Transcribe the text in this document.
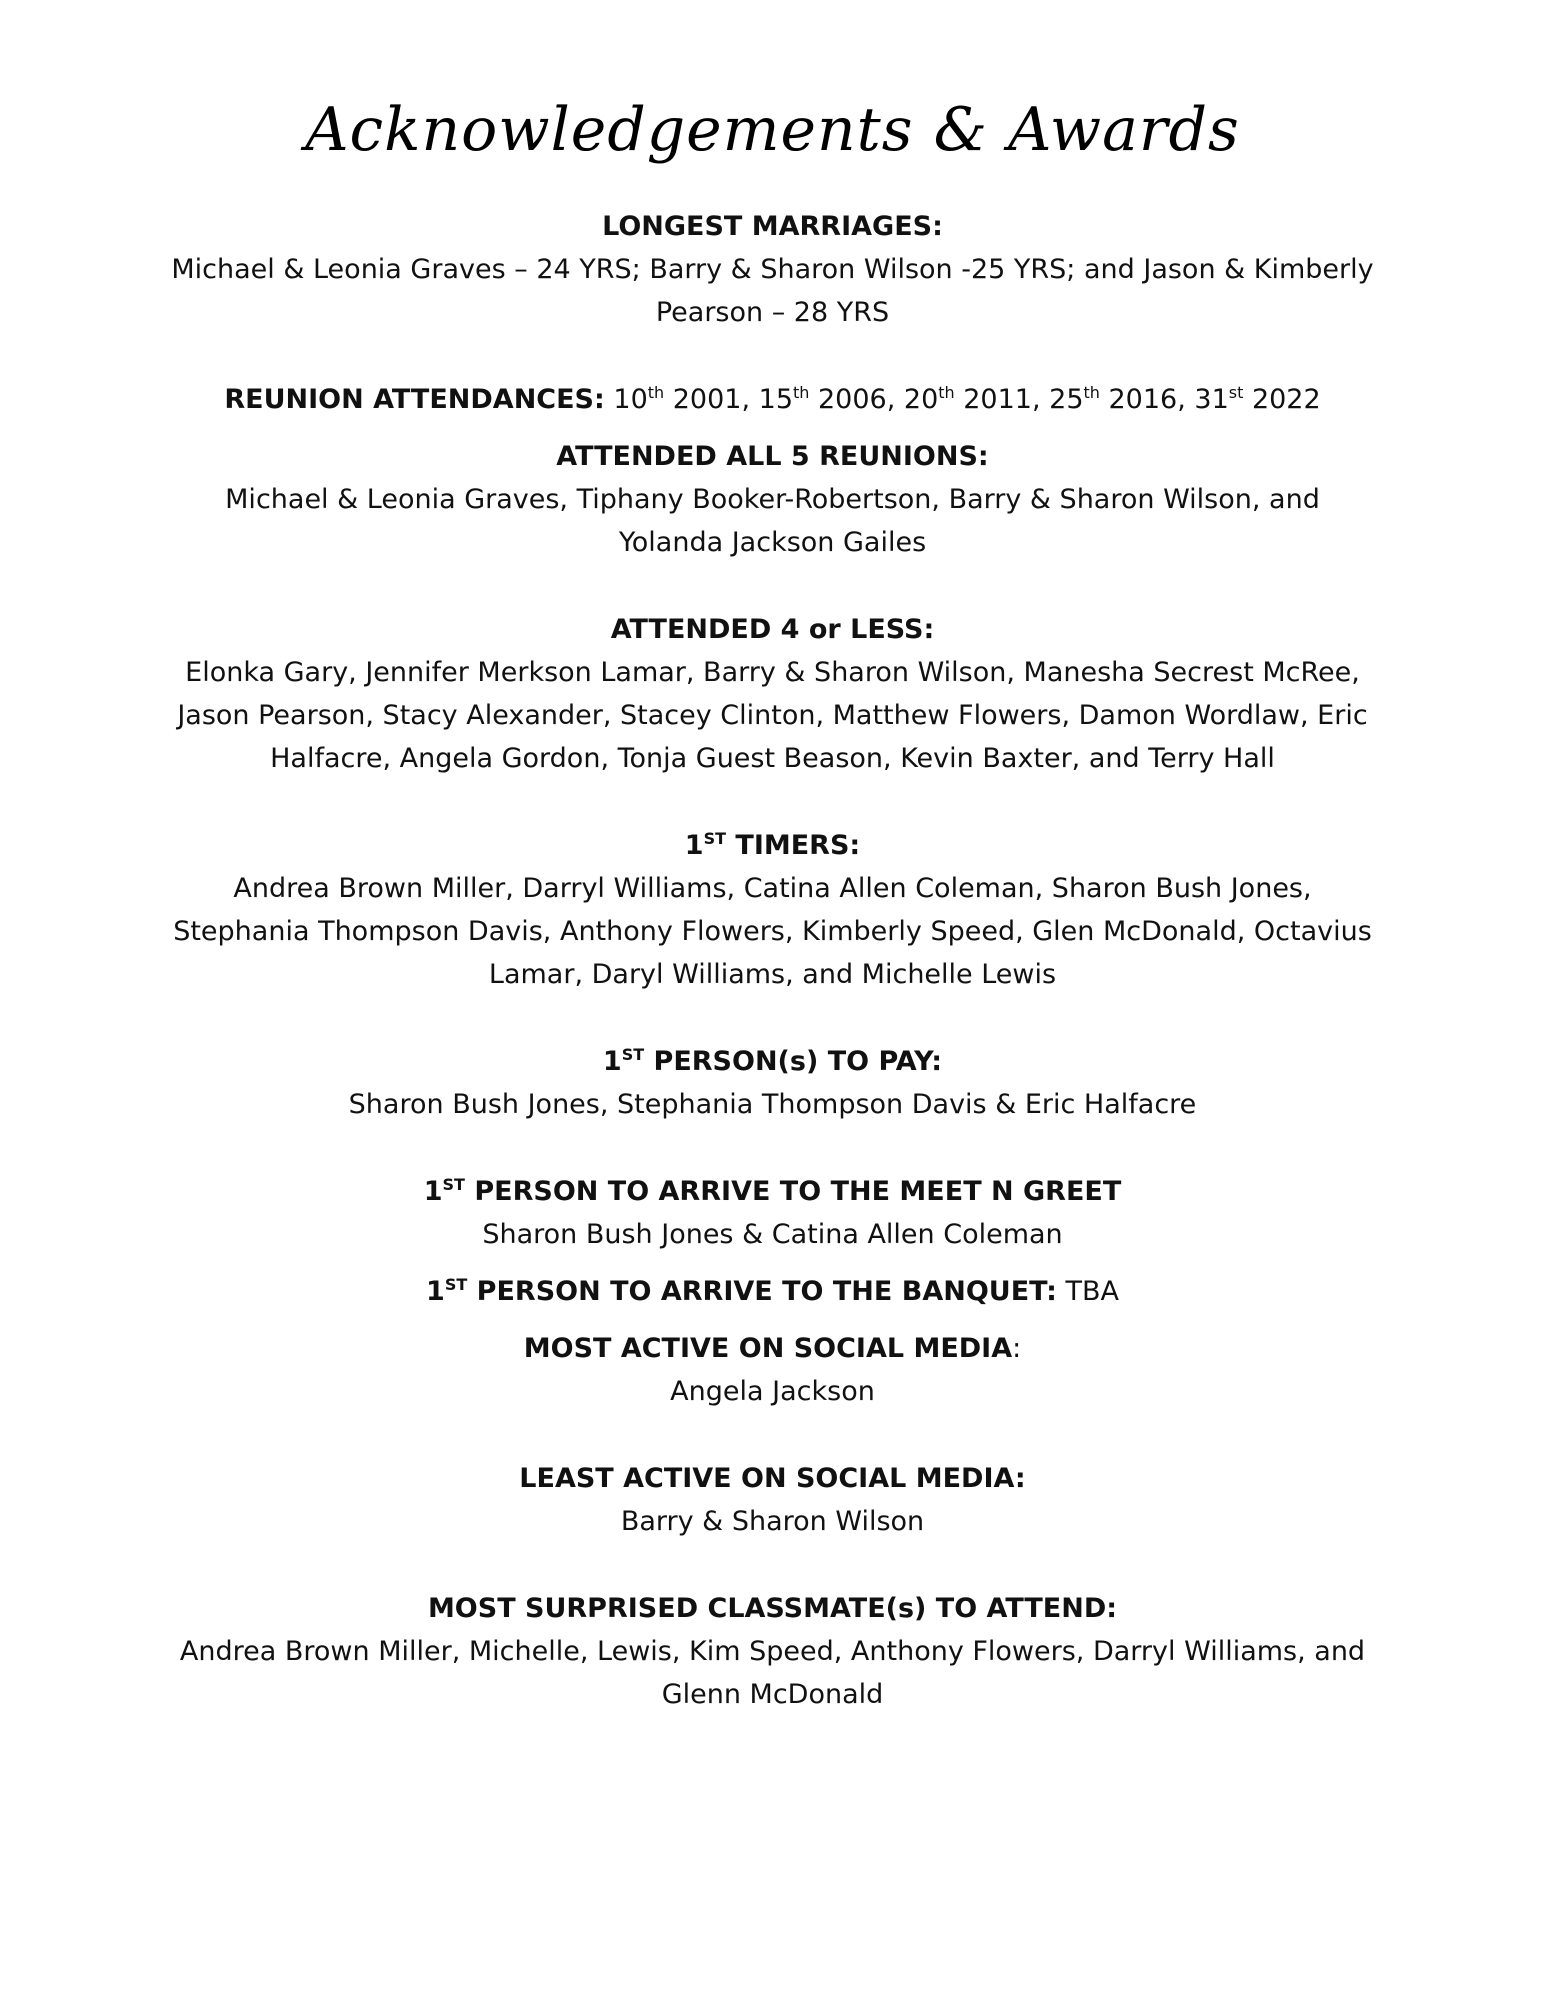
Acknowledgements & Awards
LONGEST MARRIAGES:
Michael & Leonia Graves – 24 YRS; Barry & Sharon Wilson -25 YRS; and Jason & Kimberly Pearson – 28 YRS
REUNION ATTENDANCES: 10th 2001, 15th 2006, 20th 2011, 25th 2016, 31st 2022
ATTENDED ALL 5 REUNIONS:
Michael & Leonia Graves, Tiphany Booker-Robertson, Barry & Sharon Wilson, and Yolanda Jackson Gailes
ATTENDED 4 or LESS:
Elonka Gary, Jennifer Merkson Lamar, Barry & Sharon Wilson, Manesha Secrest McRee, Jason Pearson, Stacy Alexander, Stacey Clinton, Matthew Flowers, Damon Wordlaw, Eric Halfacre, Angela Gordon, Tonja Guest Beason, Kevin Baxter, and Terry Hall
1ST TIMERS:
Andrea Brown Miller, Darryl Williams, Catina Allen Coleman, Sharon Bush Jones, Stephania Thompson Davis, Anthony Flowers, Kimberly Speed, Glen McDonald, Octavius Lamar, Daryl Williams, and Michelle Lewis
1ST PERSON(s) TO PAY:
Sharon Bush Jones, Stephania Thompson Davis & Eric Halfacre
1ST PERSON TO ARRIVE TO THE MEET N GREET
Sharon Bush Jones & Catina Allen Coleman
1ST PERSON TO ARRIVE TO THE BANQUET: TBA
MOST ACTIVE ON SOCIAL MEDIA:
Angela Jackson
LEAST ACTIVE ON SOCIAL MEDIA:
Barry & Sharon Wilson
MOST SURPRISED CLASSMATE(s) TO ATTEND:
Andrea Brown Miller, Michelle, Lewis, Kim Speed, Anthony Flowers, Darryl Williams, and Glenn McDonald
